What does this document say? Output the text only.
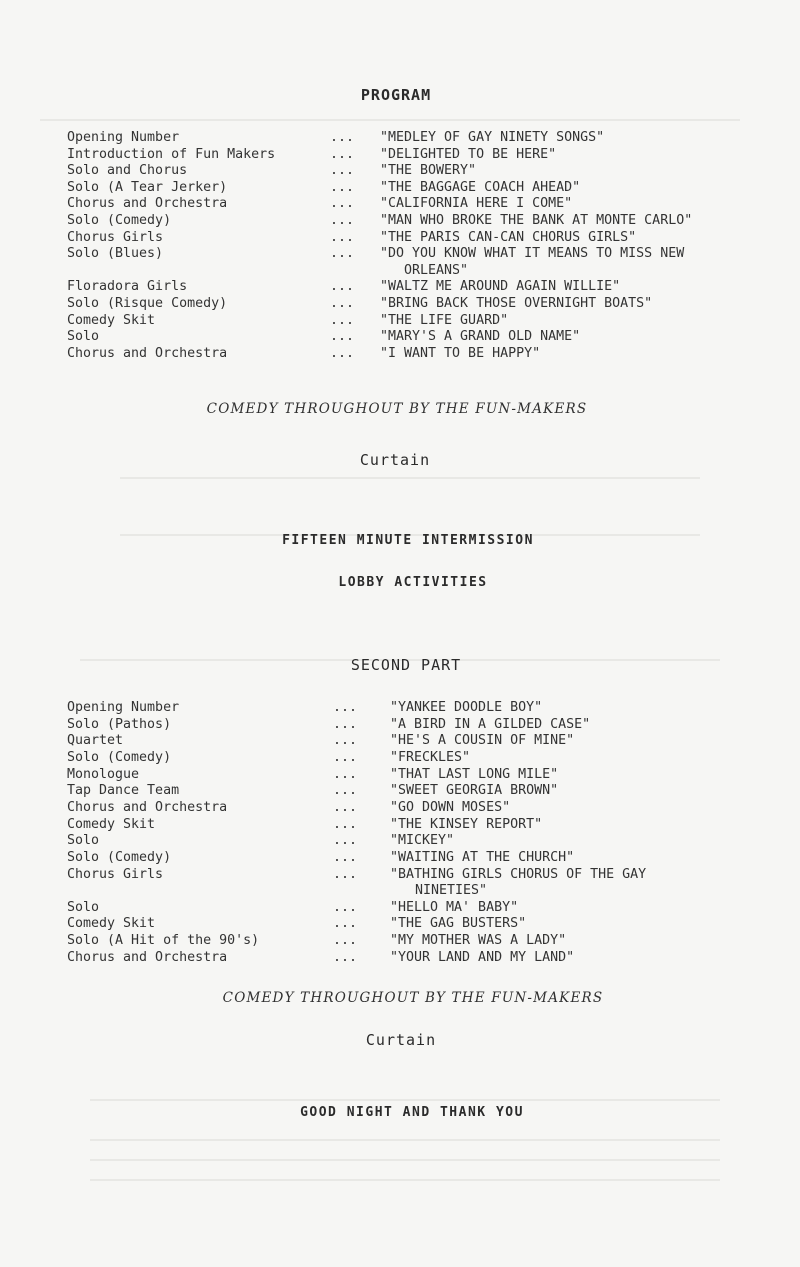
PROGRAM
Opening Number	... "MEDLEY OF GAY NINETY SONGS"
Introduction of Fun Makers	... "DELIGHTED TO BE HERE"
Solo and Chorus	... "THE BOWERY"
Solo (A Tear Jerker)	... "THE BAGGAGE COACH AHEAD"
Chorus and Orchestra	... "CALIFORNIA HERE I COME"
Solo (Comedy)	... "MAN WHO BROKE THE BANK AT MONTE CARLO"
Chorus Girls	... "THE PARIS CAN-CAN CHORUS GIRLS"
Solo (Blues)	... "DO YOU KNOW WHAT IT MEANS TO MISS NEW
ORLEANS"
Floradora Girls	... "WALTZ ME AROUND AGAIN WILLIE"
Solo (Risque Comedy)	... "BRING BACK THOSE OVERNIGHT BOATS"
Comedy Skit	... "THE LIFE GUARD"
Solo	... "MARY'S A GRAND OLD NAME"
Chorus and Orchestra	... "I WANT TO BE HAPPY"
COMEDY THROUGHOUT BY THE FUN-MAKERS
Curtain
FIFTEEN MINUTE INTERMISSION
LOBBY ACTIVITIES
SECOND PART
Opening Number	... "YANKEE DOODLE BOY"
Solo (Pathos)	... "A BIRD IN A GILDED CASE"
Quartet	... "HE'S A COUSIN OF MINE"
Solo (Comedy)	... "FRECKLES"
Monologue	... "THAT LAST LONG MILE"
Tap Dance Team	... "SWEET GEORGIA BROWN"
Chorus and Orchestra	... "GO DOWN MOSES"
Comedy Skit	... "THE KINSEY REPORT"
Solo	... "MICKEY"
Solo (Comedy)	... "WAITING AT THE CHURCH"
Chorus Girls	... "BATHING GIRLS CHORUS OF THE GAY
NINETIES"
Solo	... "HELLO MA' BABY"
Comedy Skit	... "THE GAG BUSTERS"
Solo (A Hit of the 90's)	... "MY MOTHER WAS A LADY"
Chorus and Orchestra	... "YOUR LAND AND MY LAND"
COMEDY THROUGHOUT BY THE FUN-MAKERS
Curtain
GOOD NIGHT AND THANK YOU
